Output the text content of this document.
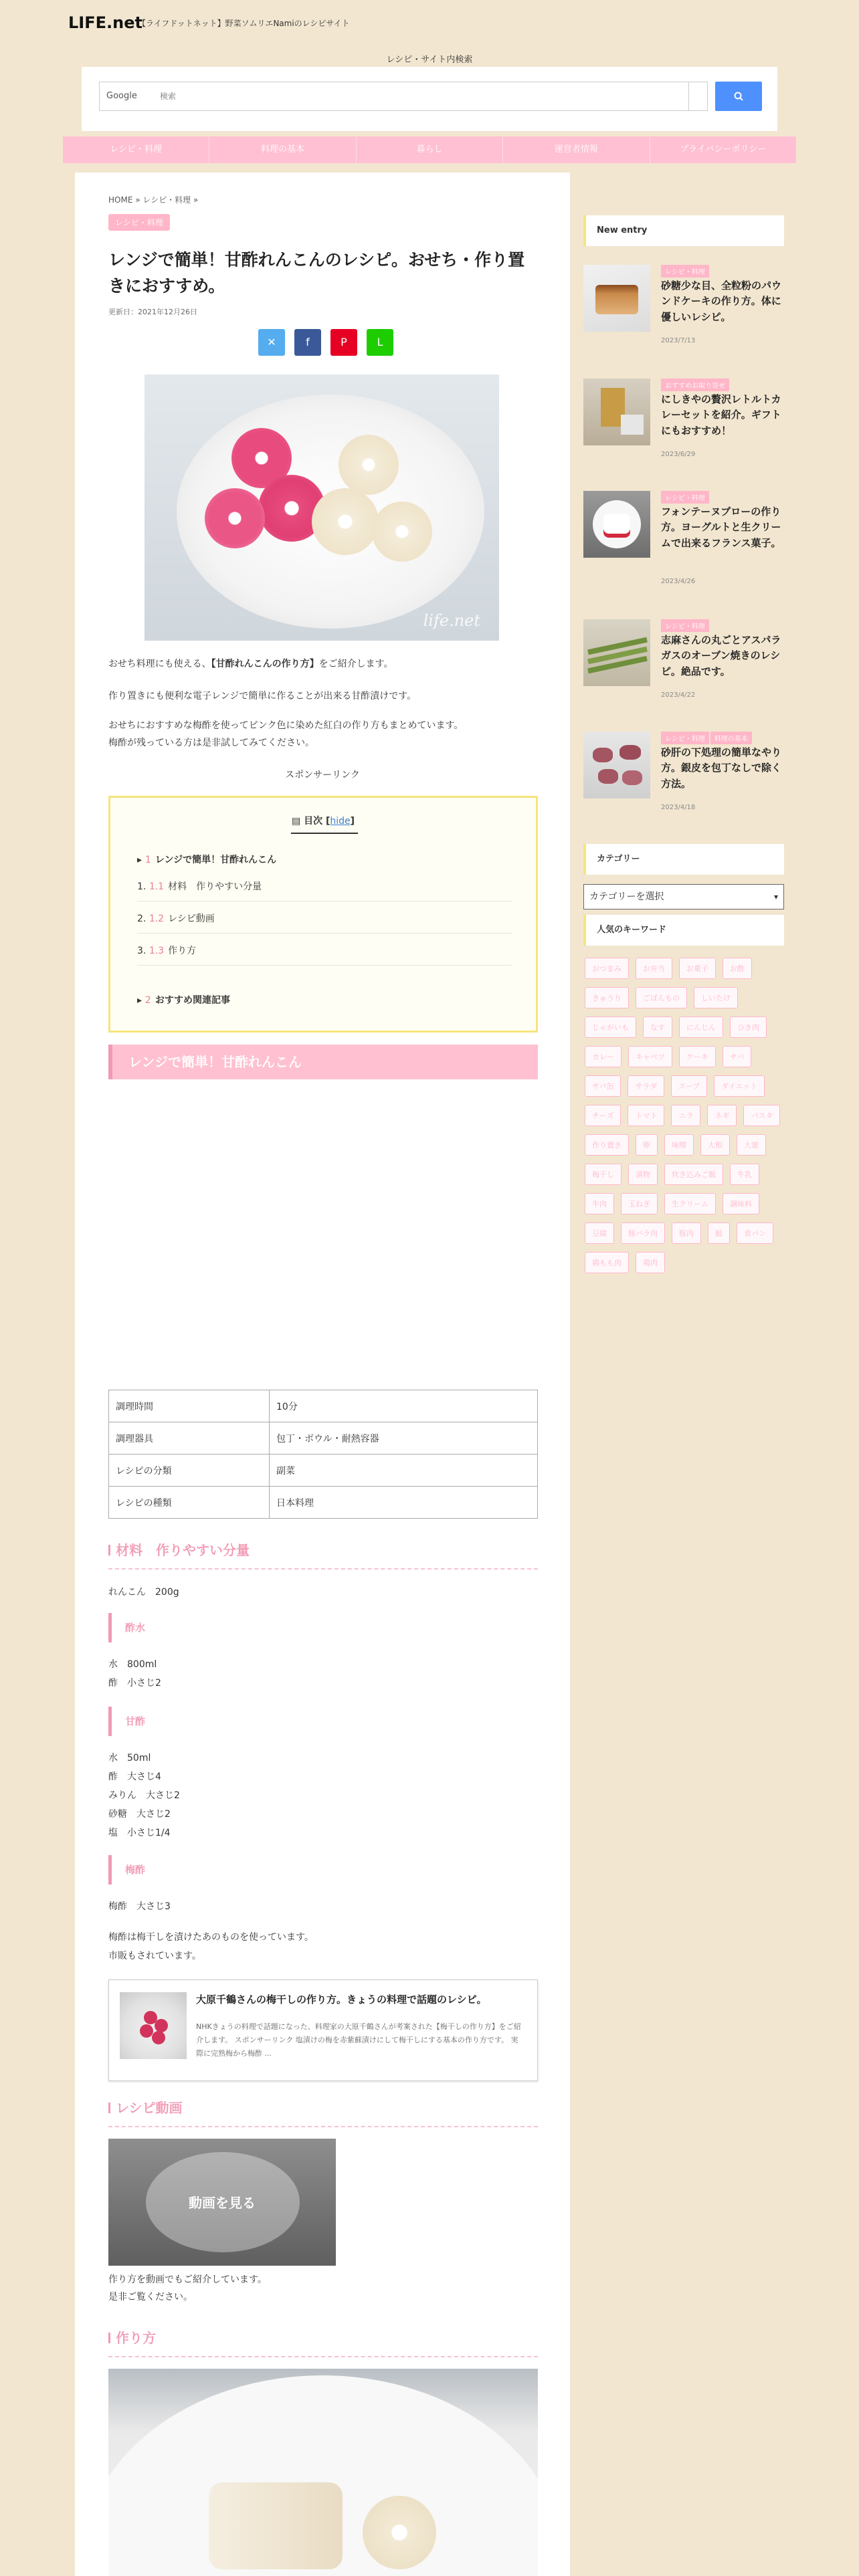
LIFE.net
【ライフドットネット】野菜ソムリエNamiのレシピサイト
レシピ・サイト内検索
Google
検索
レシピ・料理	料理の基本	暮らし	運営者情報	プライバシーポリシー
HOME » レシピ・料理 »
レシピ・料理
レンジで簡単！甘酢れんこんのレシピ。おせち・作り置きにおすすめ。
更新日：2021年12月26日
✕	f	P	L
life.net

おせち料理にも使える、【甘酢れんこんの作り方】をご紹介します。

作り置きにも便利な電子レンジで簡単に作ることが出来る甘酢漬けです。

おせちにおすすめな梅酢を使ってピンク色に染めた紅白の作り方もまとめています。

梅酢が残っている方は是非試してみてください。

スポンサーリンク
▤ 目次 [hide]
▸ 1 レンジで簡単！甘酢れんこん
1. 1.1 材料　作りやすい分量
2. 1.2 レシピ動画
3. 1.3 作り方
▸ 2 おすすめ関連記事
レンジで簡単！甘酢れんこん
調理時間	10分
調理器具	包丁・ボウル・耐熱容器
レシピの分類	副菜
レシピの種類	日本料理
材料　作りやすい分量

れんこん　200g

酢水

水　800ml

酢　小さじ2

甘酢

水　50ml

酢　大さじ4

みりん　大さじ2

砂糖　大さじ2

塩　小さじ1/4

梅酢

梅酢　大さじ3

梅酢は梅干しを漬けたあのものを使っています。

市販もされています。

大原千鶴さんの梅干しの作り方。きょうの料理で話題のレシピ。
NHKきょうの料理で話題になった、料理家の大原千鶴さんが考案された【梅干しの作り方】をご紹介します。 スポンサーリンク 塩漬けの梅を赤紫蘇漬けにして梅干しにする基本の作り方です。 実際に完熟梅から梅酢 ...
レシピ動画
動画を見る

作り方を動画でもご紹介しています。

是非ご覧ください。

作り方
New entry
レシピ・料理
砂糖少な目、全粒粉のパウンドケーキの作り方。体に優しいレシピ。
2023/7/13
おすすめお取り寄せ
にしきやの贅沢レトルトカレーセットを紹介。ギフトにもおすすめ！
2023/6/29
レシピ・料理
フォンテーヌブローの作り方。ヨーグルトと生クリームで出来るフランス菓子。
2023/4/26
レシピ・料理
志麻さんの丸ごとアスパラガスのオーブン焼きのレシピ。絶品です。
2023/4/22
レシピ・料理	料理の基本
砂肝の下処理の簡単なやり方。銀皮を包丁なしで除く方法。
2023/4/18
カテゴリー
カテゴリーを選択	▾
人気のキーワード
おつまみ	お弁当	お菓子	お酢
きゅうり	ごぼんもの	しいたけ
じゃがいも	なす	にんじん	ひき肉
カレー	キャベツ	ケーキ	サバ
サバ缶	サラダ	スープ	ダイエット
チーズ	トマト	ニラ	ネギ	パスタ
作り置き	卵	味噌	大根	大葉
梅干し	漬物	炊き込みご飯	牛乳
牛肉	玉ねぎ	生クリーム	調味料
豆腐	豚バラ肉	豚肉	鮭	食パン
鶏もも肉	鶏肉
